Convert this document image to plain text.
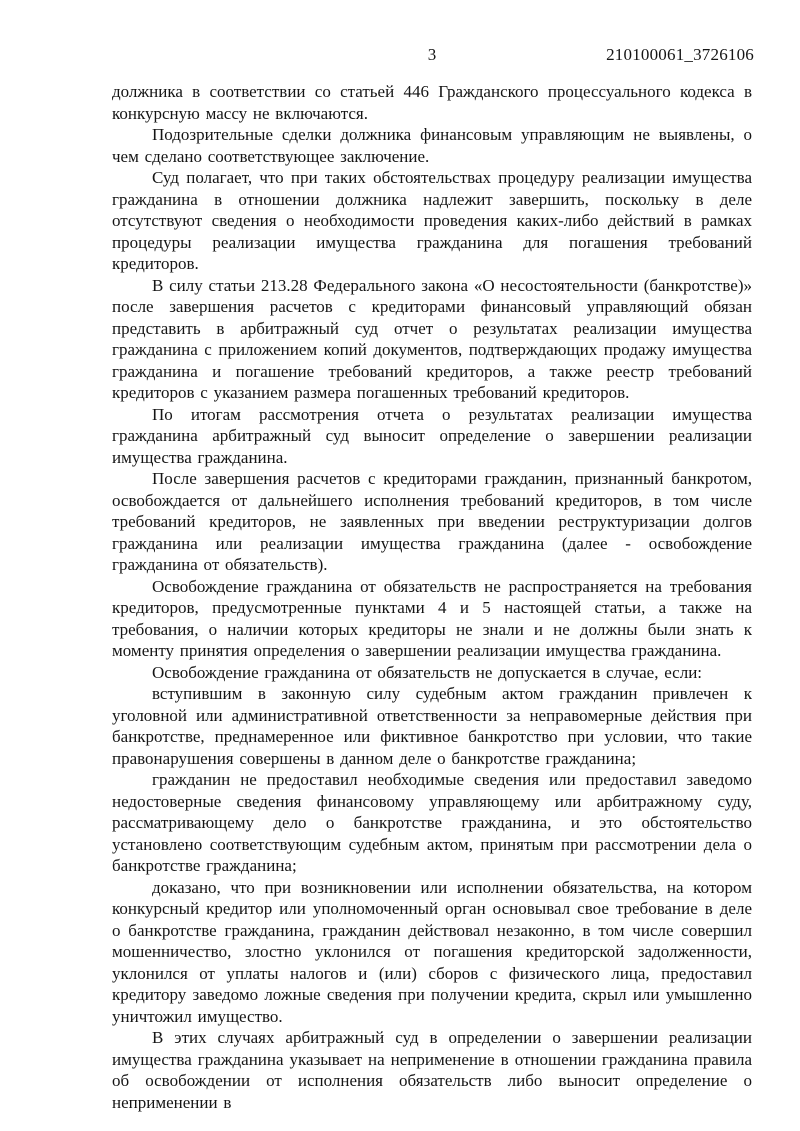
3	210100061_3726106

должника в соответствии со статьей 446 Гражданского процессуального кодекса в конкурсную массу не включаются.

Подозрительные сделки должника финансовым управляющим не выявлены, о чем сделано соответствующее заключение.

Суд полагает, что при таких обстоятельствах процедуру реализации имущества гражданина в отношении должника надлежит завершить, поскольку в деле отсутствуют сведения о необходимости проведения каких-либо действий в рамках процедуры реализации имущества гражданина для погашения требований кредиторов.

В силу статьи 213.28 Федерального закона «О несостоятельности (банкротстве)» после завершения расчетов с кредиторами финансовый управляющий обязан представить в арбитражный суд отчет о результатах реализации имущества гражданина с приложением копий документов, подтверждающих продажу имущества гражданина и погашение требований кредиторов, а также реестр требований кредиторов с указанием размера погашенных требований кредиторов.

По итогам рассмотрения отчета о результатах реализации имущества гражданина арбитражный суд выносит определение о завершении реализации имущества гражданина.

После завершения расчетов с кредиторами гражданин, признанный банкротом, освобождается от дальнейшего исполнения требований кредиторов, в том числе требований кредиторов, не заявленных при введении реструктуризации долгов гражданина или реализации имущества гражданина (далее - освобождение гражданина от обязательств).

Освобождение гражданина от обязательств не распространяется на требования кредиторов, предусмотренные пунктами 4 и 5 настоящей статьи, а также на требования, о наличии которых кредиторы не знали и не должны были знать к моменту принятия определения о завершении реализации имущества гражданина.

Освобождение гражданина от обязательств не допускается в случае, если:

вступившим в законную силу судебным актом гражданин привлечен к уголовной или административной ответственности за неправомерные действия при банкротстве, преднамеренное или фиктивное банкротство при условии, что такие правонарушения совершены в данном деле о банкротстве гражданина;

гражданин не предоставил необходимые сведения или предоставил заведомо недостоверные сведения финансовому управляющему или арбитражному суду, рассматривающему дело о банкротстве гражданина, и это обстоятельство установлено соответствующим судебным актом, принятым при рассмотрении дела о банкротстве гражданина;

доказано, что при возникновении или исполнении обязательства, на котором конкурсный кредитор или уполномоченный орган основывал свое требование в деле о банкротстве гражданина, гражданин действовал незаконно, в том числе совершил мошенничество, злостно уклонился от погашения кредиторской задолженности, уклонился от уплаты налогов и (или) сборов с физического лица, предоставил кредитору заведомо ложные сведения при получении кредита, скрыл или умышленно уничтожил имущество.

В этих случаях арбитражный суд в определении о завершении реализации имущества гражданина указывает на неприменение в отношении гражданина правила об освобождении от исполнения обязательств либо выносит определение о неприменении в
